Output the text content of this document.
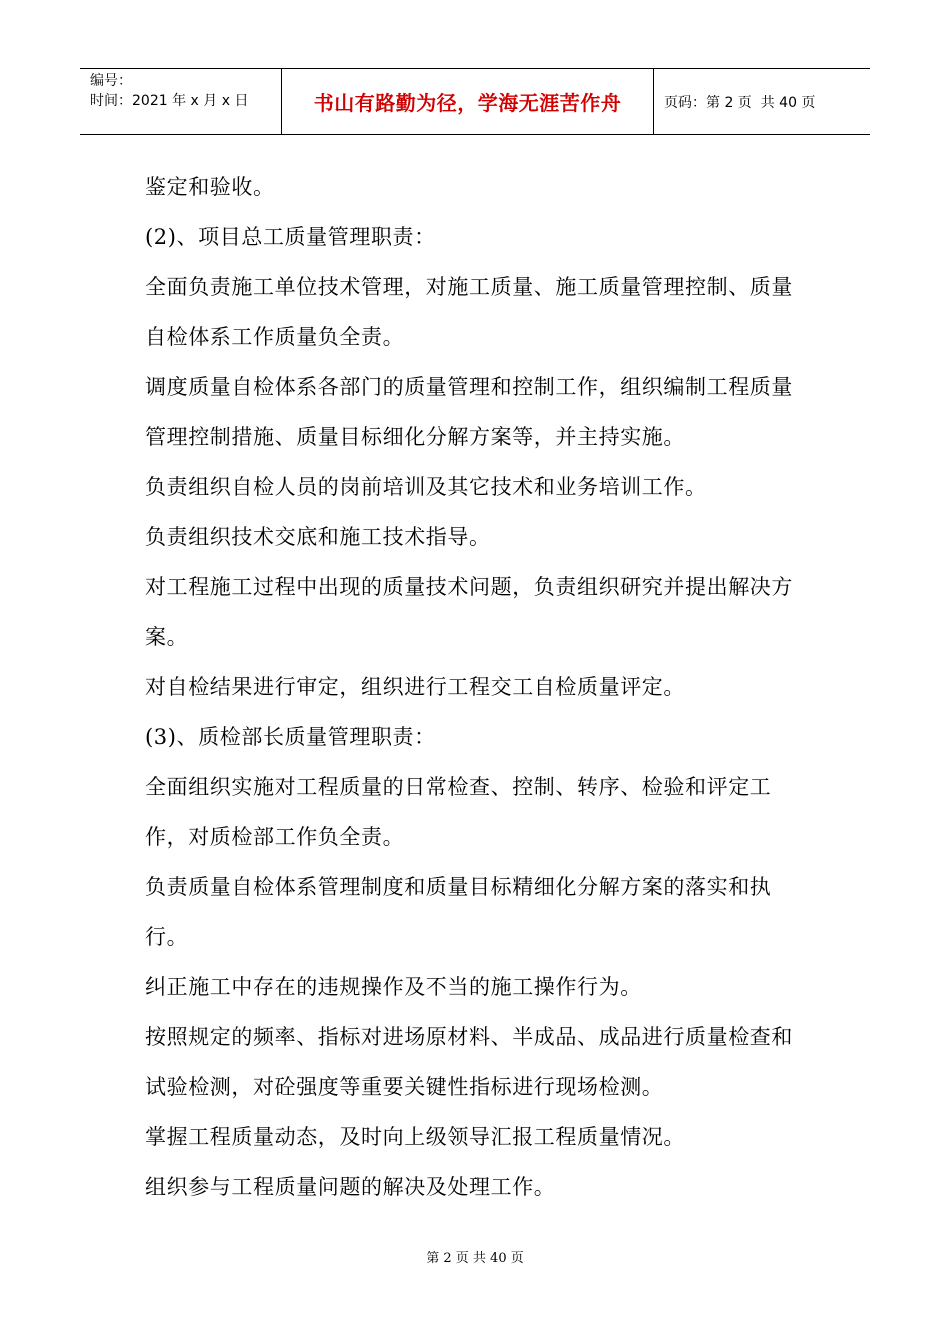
编号：
时间：2021 年 x 月 x 日	书山有路勤为径，学海无涯苦作舟	页码：第 2 页  共 40 页

鉴定和验收。

(2)、项目总工质量管理职责：

全面负责施工单位技术管理，对施工质量、施工质量管理控制、质量自检体系工作质量负全责。

调度质量自检体系各部门的质量管理和控制工作，组织编制工程质量管理控制措施、质量目标细化分解方案等，并主持实施。

负责组织自检人员的岗前培训及其它技术和业务培训工作。

负责组织技术交底和施工技术指导。

对工程施工过程中出现的质量技术问题，负责组织研究并提出解决方案。

对自检结果进行审定，组织进行工程交工自检质量评定。

(3)、质检部长质量管理职责：

全面组织实施对工程质量的日常检查、控制、转序、检验和评定工作，对质检部工作负全责。

负责质量自检体系管理制度和质量目标精细化分解方案的落实和执行。

纠正施工中存在的违规操作及不当的施工操作行为。

按照规定的频率、指标对进场原材料、半成品、成品进行质量检查和试验检测，对砼强度等重要关键性指标进行现场检测。

掌握工程质量动态，及时向上级领导汇报工程质量情况。

组织参与工程质量问题的解决及处理工作。

第 2 页 共 40 页
